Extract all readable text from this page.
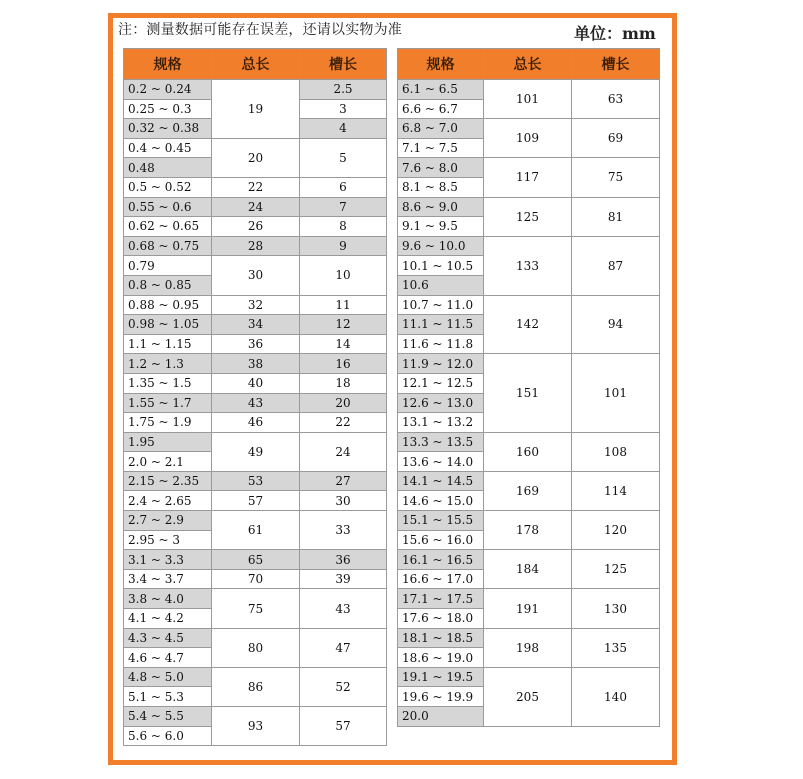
注：测量数据可能存在误差，还请以实物为准	单位：mm
规格	总长	槽长
0.2 ~ 0.24	19	2.5
0.25 ~ 0.3		3
0.32 ~ 0.38		4
0.4 ~ 0.45	20	5
0.48		
0.5 ~ 0.52	22	6
0.55 ~ 0.6	24	7
0.62 ~ 0.65	26	8
0.68 ~ 0.75	28	9
0.79	30	10
0.8 ~ 0.85		
0.88 ~ 0.95	32	11
0.98 ~ 1.05	34	12
1.1 ~ 1.15	36	14
1.2 ~ 1.3	38	16
1.35 ~ 1.5	40	18
1.55 ~ 1.7	43	20
1.75 ~ 1.9	46	22
1.95	49	24
2.0 ~ 2.1		
2.15 ~ 2.35	53	27
2.4 ~ 2.65	57	30
2.7 ~ 2.9	61	33
2.95 ~ 3		
3.1 ~ 3.3	65	36
3.4 ~ 3.7	70	39
3.8 ~ 4.0	75	43
4.1 ~ 4.2		
4.3 ~ 4.5	80	47
4.6 ~ 4.7		
4.8 ~ 5.0	86	52
5.1 ~ 5.3		
5.4 ~ 5.5	93	57
5.6 ~ 6.0		
规格	总长	槽长
6.1 ~ 6.5	101	63
6.6 ~ 6.7		
6.8 ~ 7.0	109	69
7.1 ~ 7.5		
7.6 ~ 8.0	117	75
8.1 ~ 8.5		
8.6 ~ 9.0	125	81
9.1 ~ 9.5		
9.6 ~ 10.0	133	87
10.1 ~ 10.5		
10.6		
10.7 ~ 11.0	142	94
11.1 ~ 11.5		
11.6 ~ 11.8		
11.9 ~ 12.0	151	101
12.1 ~ 12.5		
12.6 ~ 13.0		
13.1 ~ 13.2		
13.3 ~ 13.5	160	108
13.6 ~ 14.0		
14.1 ~ 14.5	169	114
14.6 ~ 15.0		
15.1 ~ 15.5	178	120
15.6 ~ 16.0		
16.1 ~ 16.5	184	125
16.6 ~ 17.0		
17.1 ~ 17.5	191	130
17.6 ~ 18.0		
18.1 ~ 18.5	198	135
18.6 ~ 19.0		
19.1 ~ 19.5	205	140
19.6 ~ 19.9		
20.0		
